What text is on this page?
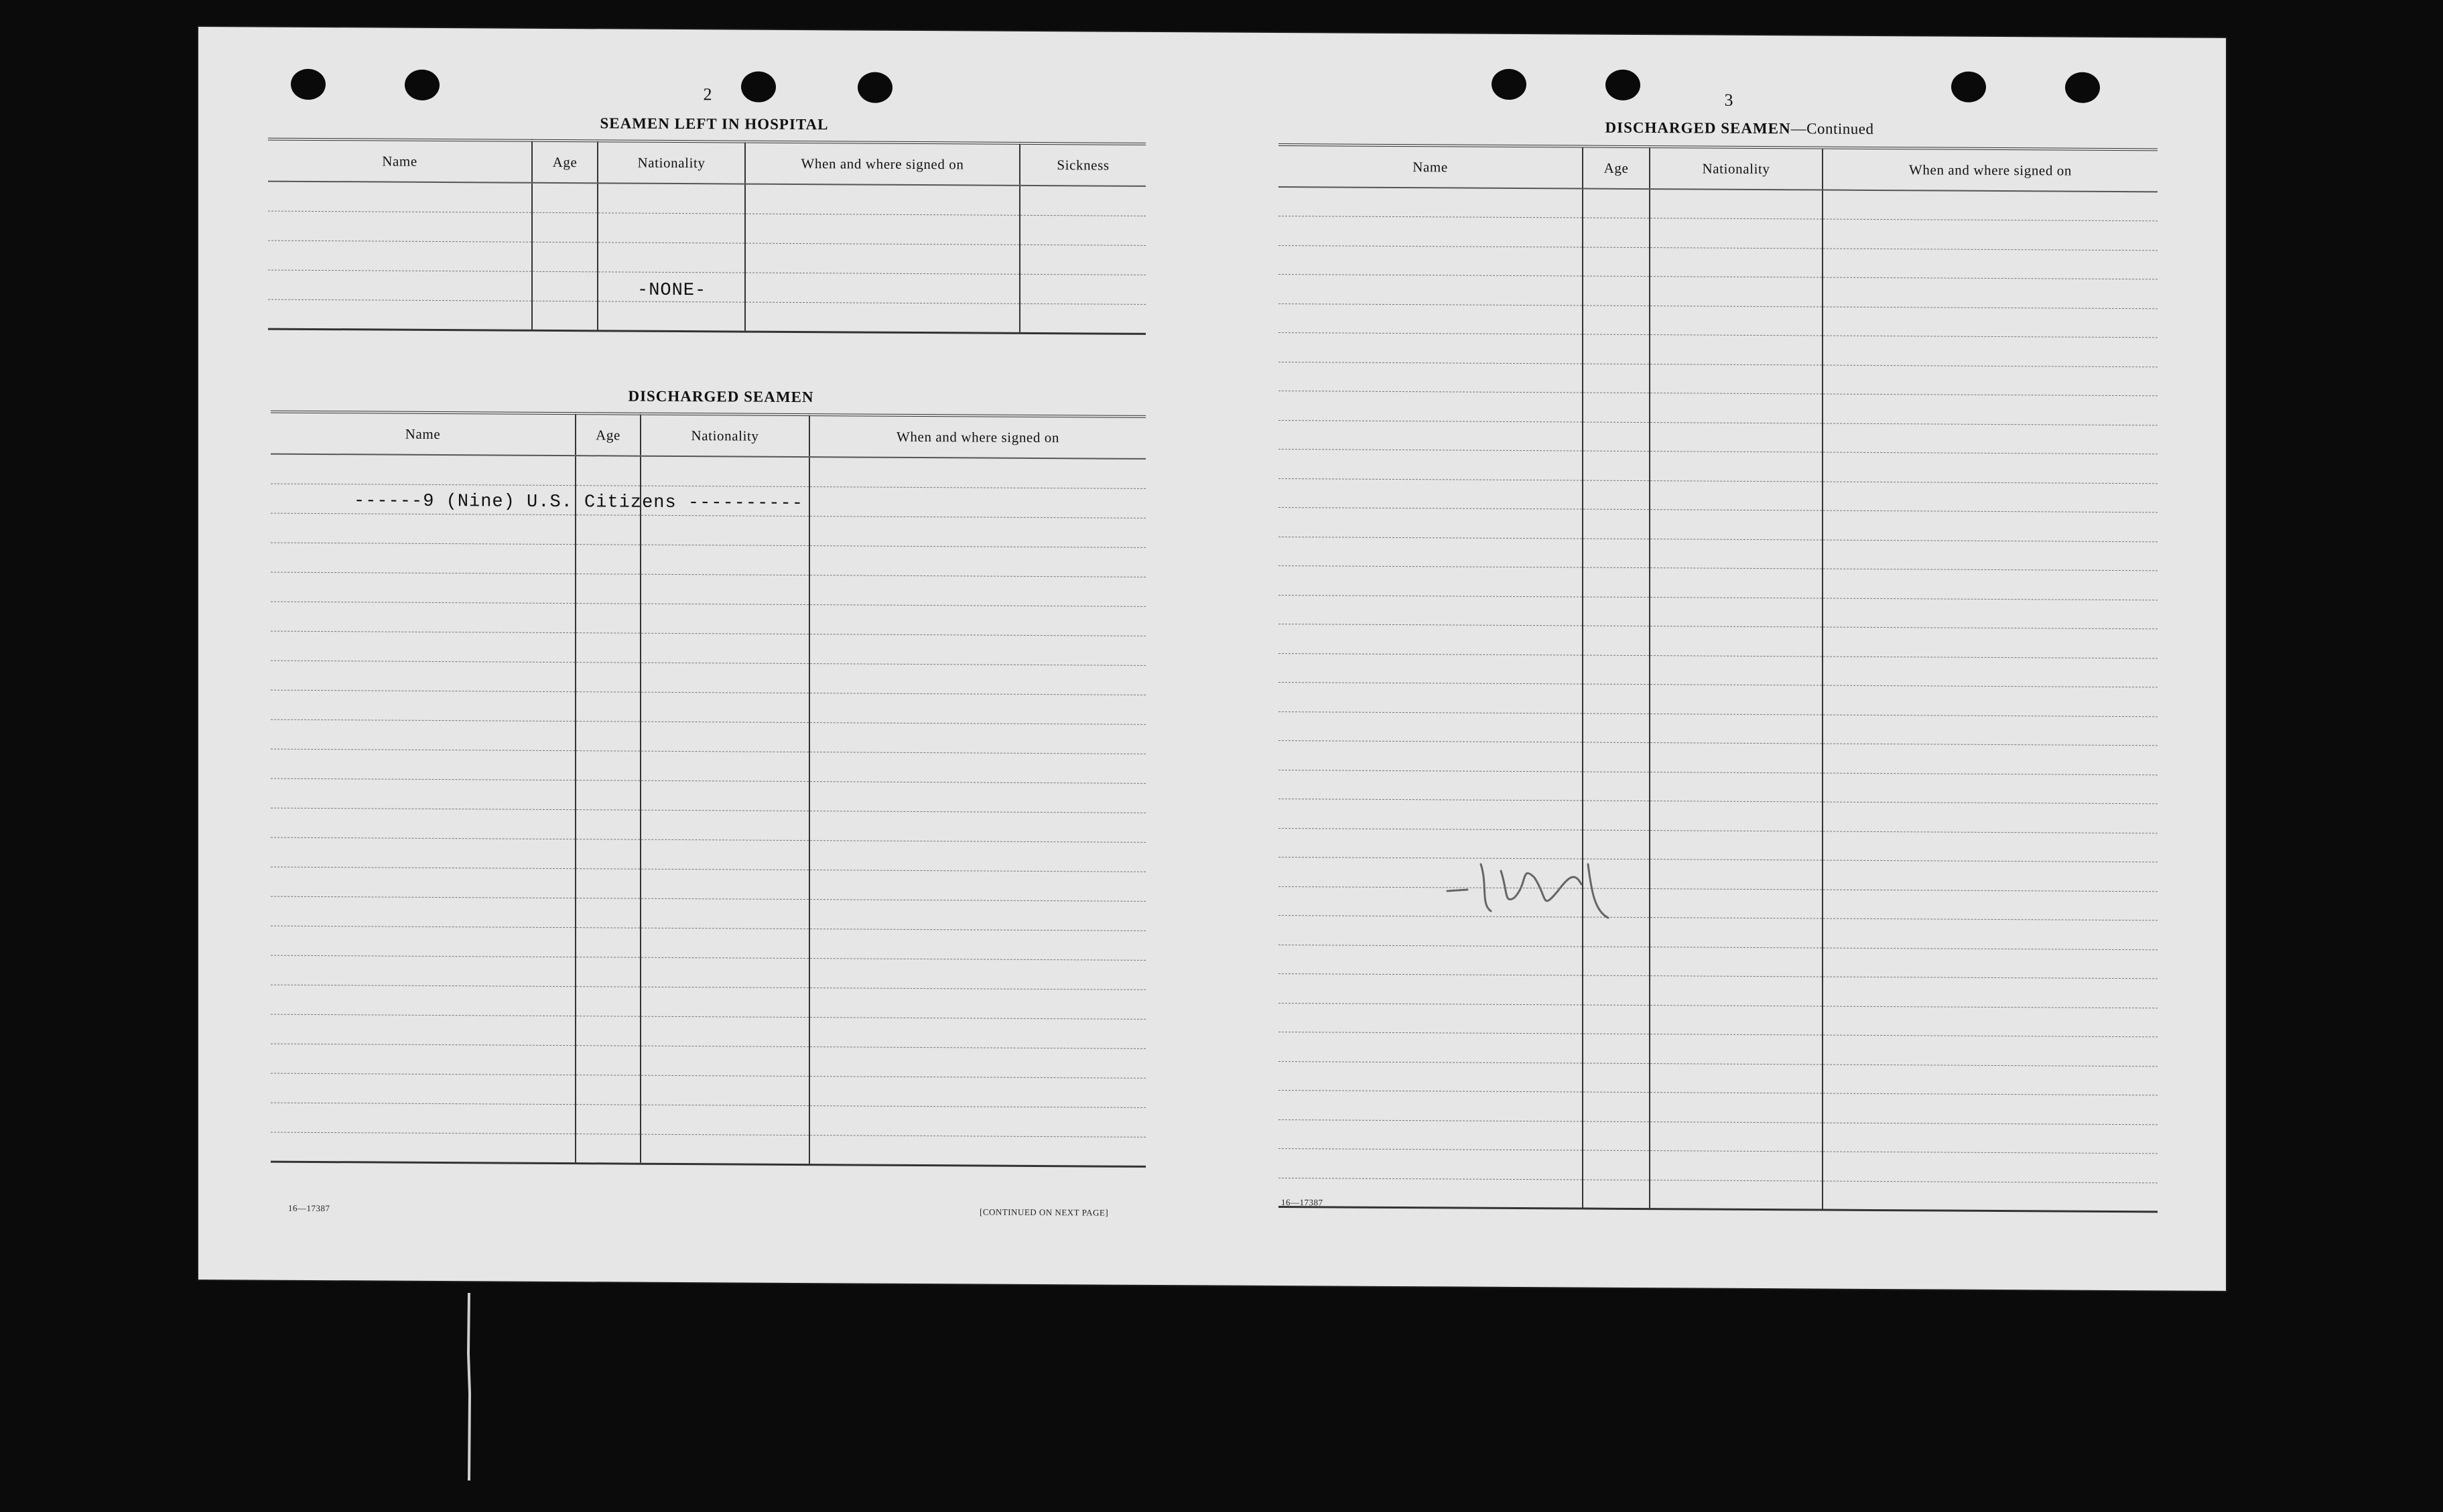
2
SEAMEN LEFT IN HOSPITAL
Name	Age	Nationality	When and where signed on	Sickness

-NONE-
DISCHARGED SEAMEN
Name	Age	Nationality	When and where signed on

------9 (Nine) U.S. Citizens ----------
16—17387	[CONTINUED ON NEXT PAGE]
3
DISCHARGED SEAMEN—Continued
Name	Age	Nationality	When and where signed on

16—17387
